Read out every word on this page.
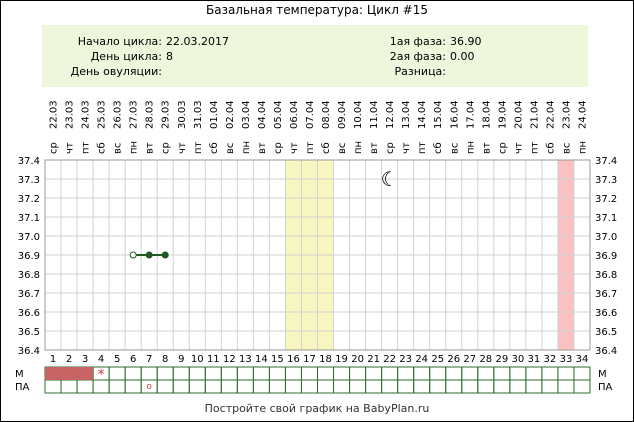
Базальная температура: Цикл #15
Начало цикла: 22.03.2017
День цикла: 8
День овуляции:
1ая фаза: 36.90
2ая фаза: 0.00
Разница:
37.4	37.4
37.3	37.3
37.2	37.2
37.1	37.1
37.0	37.0
36.9	36.9
36.8	36.8
36.7	36.7
36.6	36.6
36.5	36.5
36.4	36.4
ср
22.03
1
чт
23.03
2
пт
24.03
3
сб
25.03
4
вс
26.03
5
пн
27.03
6
вт
28.03
7
ср
29.03
8
чт
30.03
9
пт
31.03
10
сб
01.04
11
вс
02.04
12
пн
03.04
13
вт
04.04
14
ср
05.04
15
чт
06.04
16
пт
07.04
17
сб
08.04
18
вс
09.04
19
пн
10.04
20
вт
11.04
21
ср
12.04
22
чт
13.04
23
пт
14.04
24
сб
15.04
25
вс
16.04
26
пн
17.04
27
вт
18.04
28
ср
19.04
29
чт
20.04
30
пт
21.04
31
сб
22.04
32
вс
23.04
33
пн
24.04
34
☾
*
o
М
ПА
М
ПА
Постройте свой график на BabyPlan.ru
